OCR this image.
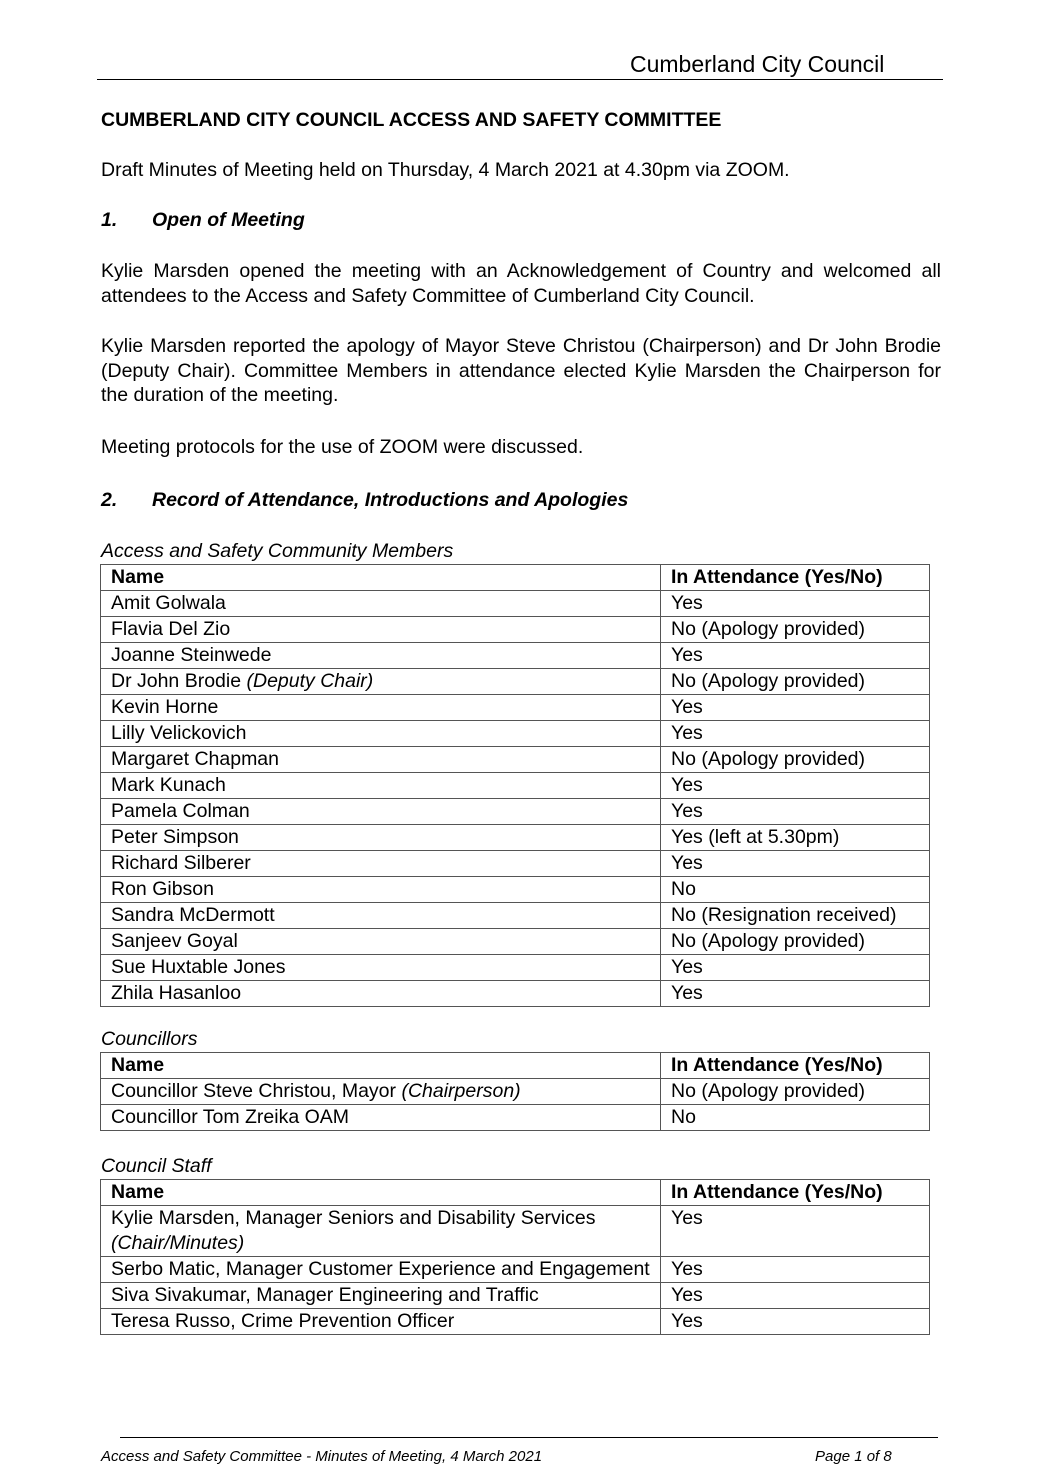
Cumberland City Council
CUMBERLAND CITY COUNCIL ACCESS AND SAFETY COMMITTEE
Draft Minutes of Meeting held on Thursday, 4 March 2021 at 4.30pm via ZOOM.
1. Open of Meeting
Kylie Marsden opened the meeting with an Acknowledgement of Country and welcomed all attendees to the Access and Safety Committee of Cumberland City Council.
Kylie Marsden reported the apology of Mayor Steve Christou (Chairperson) and Dr John Brodie (Deputy Chair). Committee Members in attendance elected Kylie Marsden the Chairperson for the duration of the meeting.
Meeting protocols for the use of ZOOM were discussed.
2. Record of Attendance, Introductions and Apologies
Access and Safety Community Members
Name	In Attendance (Yes/No)
Amit Golwala	Yes
Flavia Del Zio	No (Apology provided)
Joanne Steinwede	Yes
Dr John Brodie (Deputy Chair)	No (Apology provided)
Kevin Horne	Yes
Lilly Velickovich	Yes
Margaret Chapman	No (Apology provided)
Mark Kunach	Yes
Pamela Colman	Yes
Peter Simpson	Yes (left at 5.30pm)
Richard Silberer	Yes
Ron Gibson	No
Sandra McDermott	No (Resignation received)
Sanjeev Goyal	No (Apology provided)
Sue Huxtable Jones	Yes
Zhila Hasanloo	Yes
Councillors
Name	In Attendance (Yes/No)
Councillor Steve Christou, Mayor (Chairperson)	No (Apology provided)
Councillor Tom Zreika OAM	No
Council Staff
Name	In Attendance (Yes/No)
Kylie Marsden, Manager Seniors and Disability Services (Chair/Minutes)	Yes
Serbo Matic, Manager Customer Experience and Engagement	Yes
Siva Sivakumar, Manager Engineering and Traffic	Yes
Teresa Russo, Crime Prevention Officer	Yes
Access and Safety Committee - Minutes of Meeting, 4 March 2021	Page 1 of 8
